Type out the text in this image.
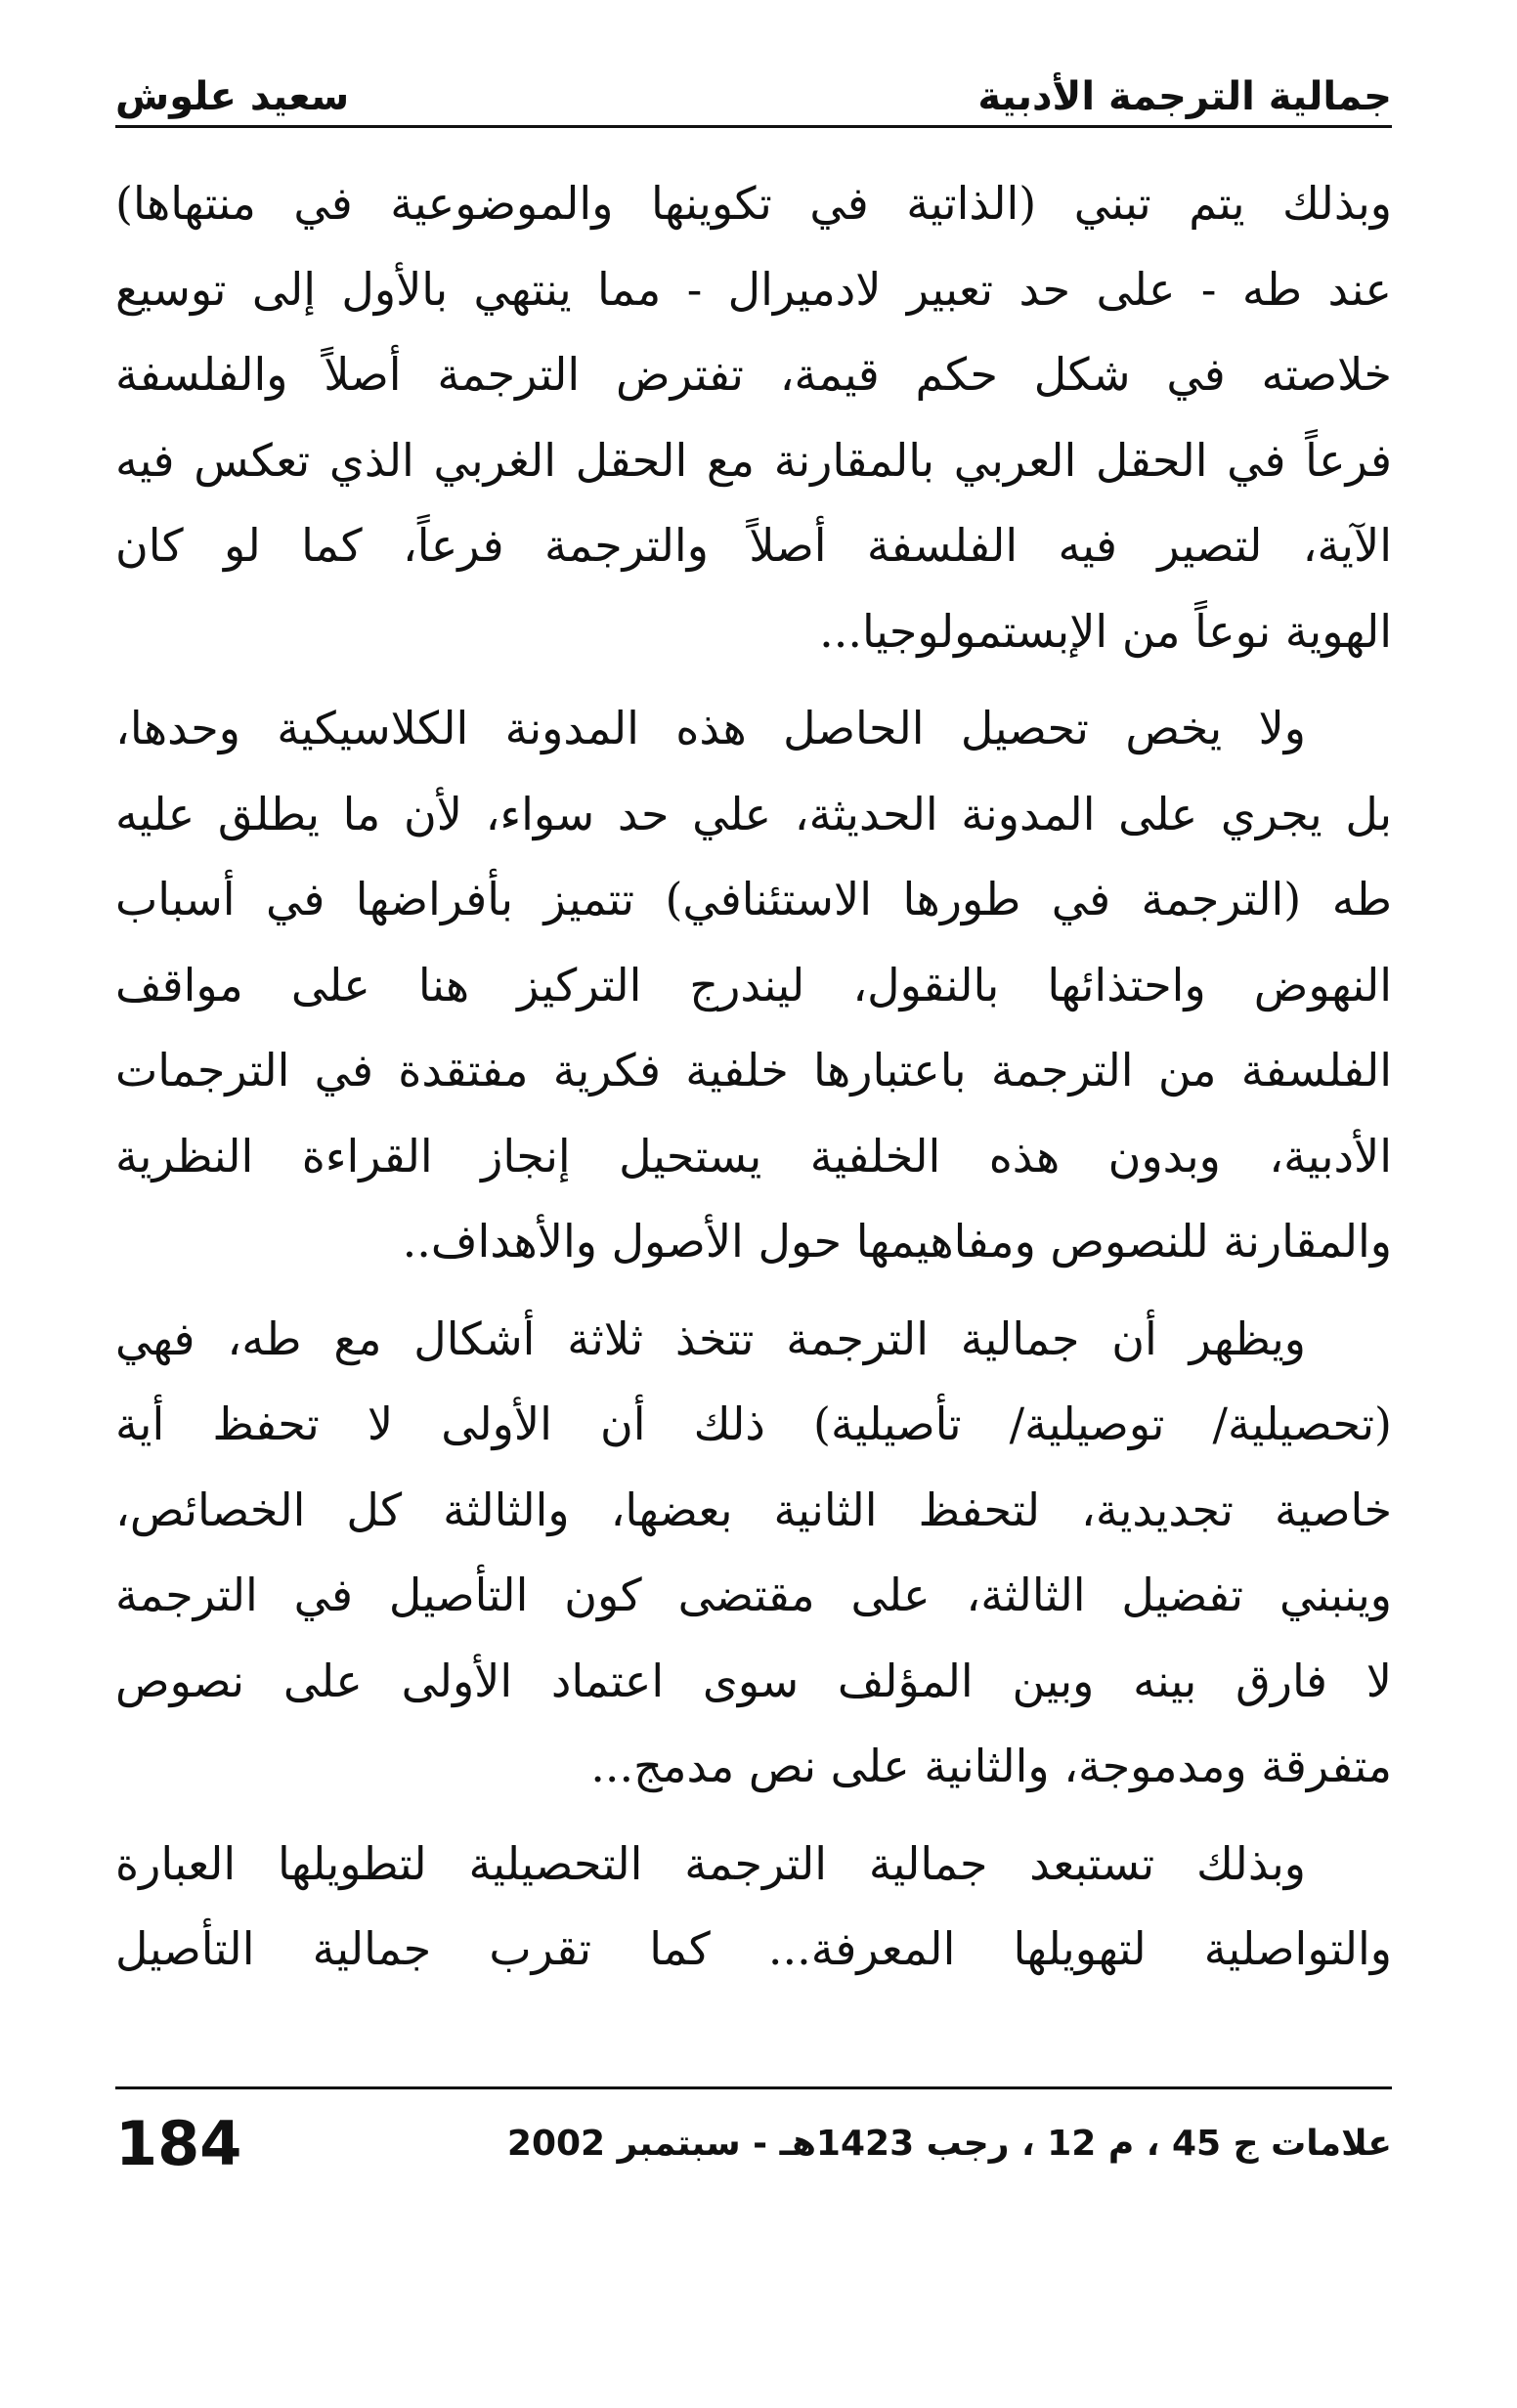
جمالية الترجمة الأدبية
سعيد علوش

وبذلك يتم تبني (الذاتية في تكوينها والموضوعية في منتهاها)
عند طه - على حد تعبير لادميرال - مما ينتهي بالأول إلى توسيع
خلاصته في شكل حكم قيمة، تفترض الترجمة أصلاً والفلسفة
فرعاً في الحقل العربي بالمقارنة مع الحقل الغربي الذي تعكس فيه
الآية، لتصير فيه الفلسفة أصلاً والترجمة فرعاً، كما لو كان
الهوية نوعاً من الإبستمولوجيا...

ولا يخص تحصيل الحاصل هذه المدونة الكلاسيكية وحدها،
بل يجري على المدونة الحديثة، علي حد سواء، لأن ما يطلق عليه
طه (الترجمة في طورها الاستئنافي) تتميز بأفراضها في أسباب
النهوض واحتذائها بالنقول، ليندرج التركيز هنا على مواقف
الفلسفة من الترجمة باعتبارها خلفية فكرية مفتقدة في الترجمات
الأدبية، وبدون هذه الخلفية يستحيل إنجاز القراءة النظرية
والمقارنة للنصوص ومفاهيمها حول الأصول والأهداف..

ويظهر أن جمالية الترجمة تتخذ ثلاثة أشكال مع طه، فهي
(تحصيلية/ توصيلية/ تأصيلية) ذلك أن الأولى لا تحفظ أية
خاصية تجديدية، لتحفظ الثانية بعضها، والثالثة كل الخصائص،
وينبني تفضيل الثالثة، على مقتضى كون التأصيل في الترجمة
لا فارق بينه وبين المؤلف سوى اعتماد الأولى على نصوص
متفرقة ومدموجة، والثانية على نص مدمج...

وبذلك تستبعد جمالية الترجمة التحصيلية لتطويلها العبارة
والتواصلية لتهويلها المعرفة... كما تقرب جمالية التأصيل

علامات ج 45 ، م 12 ، رجب 1423هـ - سبتمبر 2002
184
